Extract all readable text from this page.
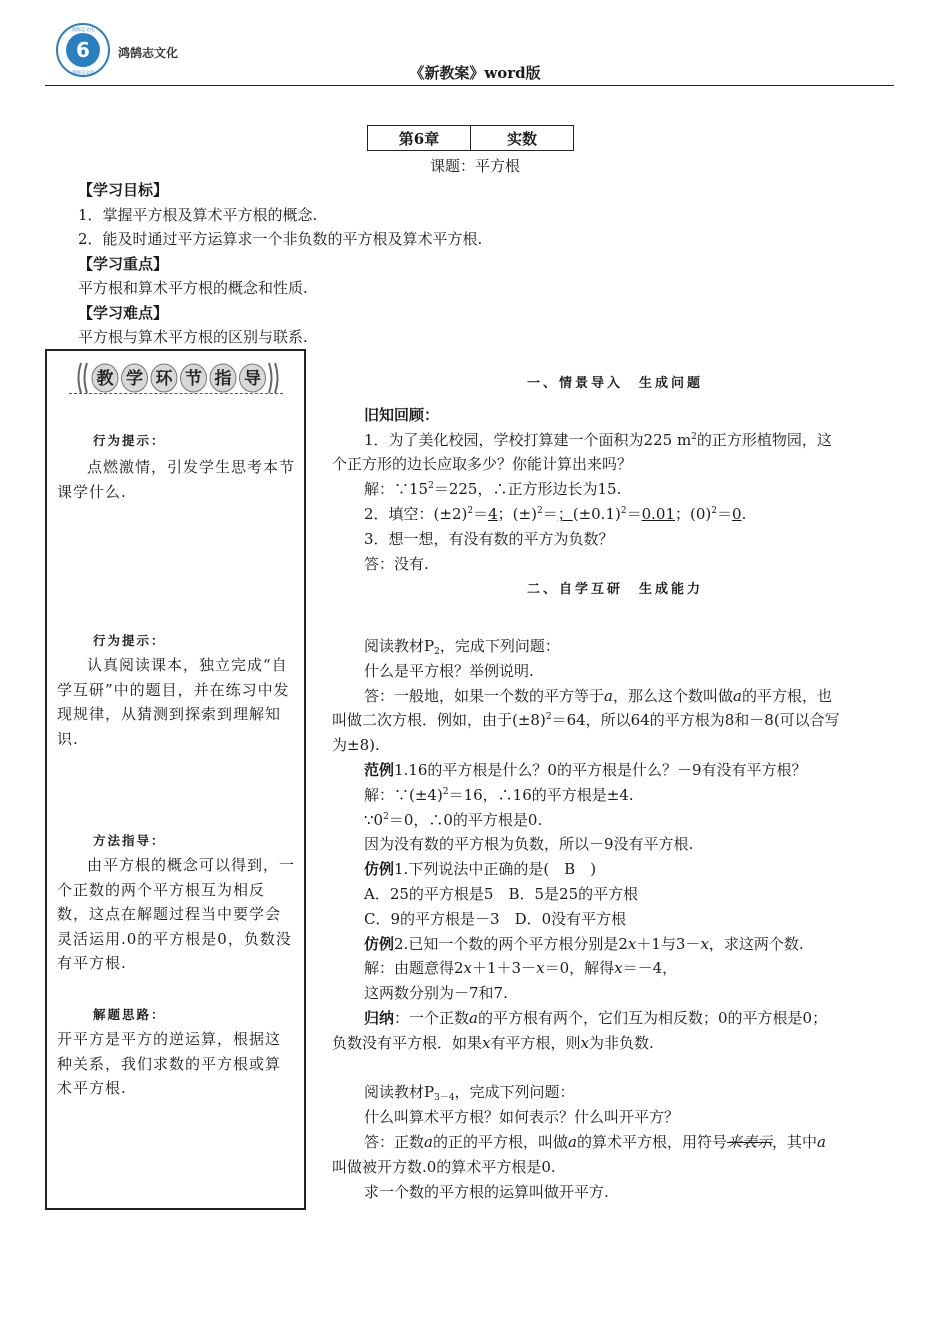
6
鸿鹄志文化
鸿鹄志文化
鸿鹄志文化
《新教案》word版
第6章	实数
课题：平方根
【学习目标】
1．掌握平方根及算术平方根的概念.
2．能及时通过平方运算求一个非负数的平方根及算术平方根.
【学习重点】
平方根和算术平方根的概念和性质.
【学习难点】
平方根与算术平方根的区别与联系.
教 学 环 节 指 导
行为提示：

点燃激情，引发学生思考本节课学什么.

行为提示：

认真阅读课本，独立完成“自学互研”中的题目，并在练习中发现规律，从猜测到探索到理解知识.

方法指导：

由平方根的概念可以得到，一个正数的两个平方根互为相反数，这点在解题过程当中要学会灵活运用.0的平方根是0，负数没有平方根.

解题思路：

开平方是平方的逆运算，根据这种关系，我们求数的平方根或算术平方根.

一、情景导入　生成问题

旧知回顾：

1．为了美化校园，学校打算建一个面积为225 $m^2$的正方形植物园，这

个正方形的边长应取多少？你能计算出来吗？

解：$\because 15^2=225$，∴正方形边长为15.

2．填空：$(\pm 2)^2=4$；$(\pm)^2=$；$(\pm 0.1)^2=0.01$；$(0)^2=0$.

3．想一想，有没有数的平方为负数？

答：没有.

二、自学互研　生成能力

阅读教材$P_2$，完成下列问题：

什么是平方根？举例说明.

答：一般地，如果一个数的平方等于a，那么这个数叫做a的平方根，也

叫做二次方根．例如，由于$(\pm 8)^2=64$，所以64的平方根为8和－8(可以合写

为±8).

范例1.16的平方根是什么？0的平方根是什么？－9有没有平方根？

解：$\because(\pm 4)^2=16$，∴16的平方根是±4.

$\because 0^2=0$，∴0的平方根是0.

因为没有数的平方根为负数，所以－9没有平方根.

仿例1.下列说法中正确的是(　B　)

A．25的平方根是5　B．5是25的平方根

C．9的平方根是－3　D．0没有平方根

仿例2.已知一个数的两个平方根分别是2x＋1与3－x，求这两个数.

解：由题意得2x＋1＋3－x＝0，解得x＝－4，

这两数分别为－7和7.

归纳：一个正数a的平方根有两个，它们互为相反数；0的平方根是0；

负数没有平方根．如果x有平方根，则x为非负数.

阅读教材$P_{3-4}$，完成下列问题：

什么叫算术平方根？如何表示？什么叫开平方？

答：正数a的正的平方根，叫做a的算术平方根，用符号来表示，其中a

叫做被开方数.0的算术平方根是0.

求一个数的平方根的运算叫做开平方.
